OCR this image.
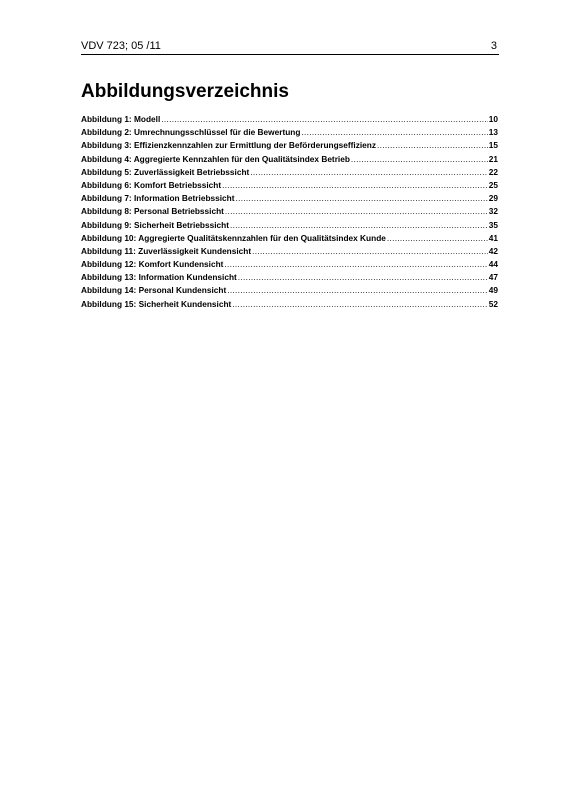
VDV 723; 05 /11	3
Abbildungsverzeichnis
Abbildung 1: Modell .....	10
Abbildung 2: Umrechnungsschlüssel für die Bewertung .....	13
Abbildung 3: Effizienzkennzahlen zur Ermittlung der Beförderungseffizienz .....	15
Abbildung 4: Aggregierte Kennzahlen für den Qualitätsindex Betrieb .....	21
Abbildung 5: Zuverlässigkeit Betriebssicht .....	22
Abbildung 6: Komfort Betriebssicht .....	25
Abbildung 7: Information Betriebssicht .....	29
Abbildung 8: Personal Betriebssicht .....	32
Abbildung 9: Sicherheit Betriebssicht .....	35
Abbildung 10: Aggregierte Qualitätskennzahlen für den Qualitätsindex Kunde .....	41
Abbildung 11: Zuverlässigkeit Kundensicht .....	42
Abbildung 12: Komfort Kundensicht .....	44
Abbildung 13: Information Kundensicht .....	47
Abbildung 14: Personal Kundensicht .....	49
Abbildung 15: Sicherheit Kundensicht .....	52
